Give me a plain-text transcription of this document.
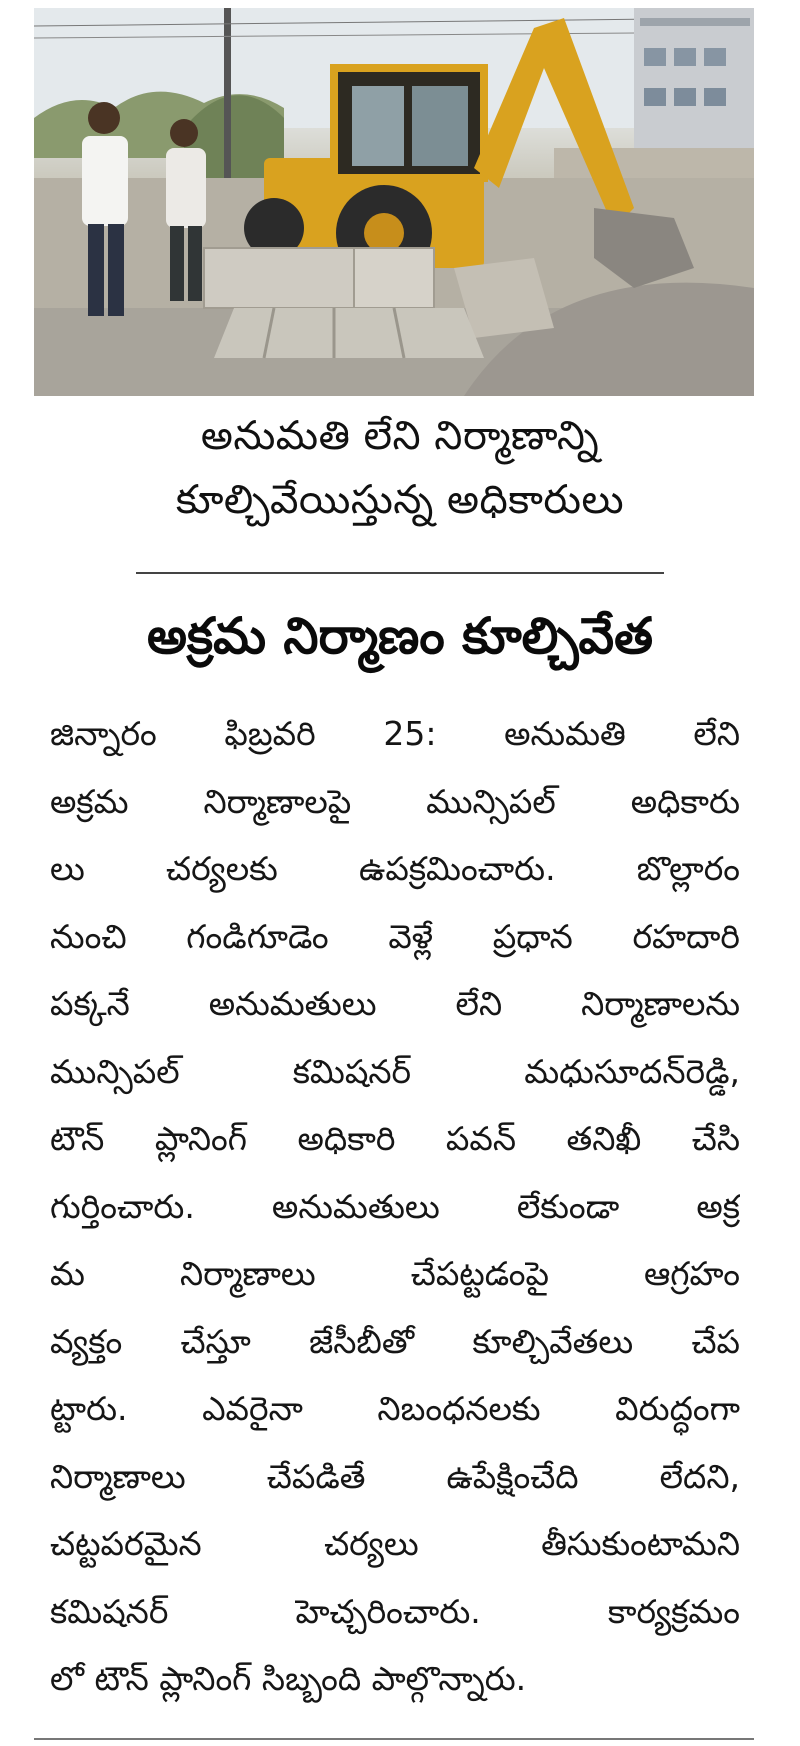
అనుమతి లేని నిర్మాణాన్ని
కూల్చివేయిస్తున్న అధికారులు
అక్రమ నిర్మాణం కూల్చివేత
జిన్నారం ఫిబ్రవరి 25: అనుమతి లేని
అక్రమ నిర్మాణాలపై మున్సిపల్ అధికారు
లు చర్యలకు ఉపక్రమించారు. బొల్లారం
నుంచి గండిగూడెం వెళ్లే ప్రధాన రహదారి
పక్కనే అనుమతులు లేని నిర్మాణాలను
మున్సిపల్ కమిషనర్ మధుసూదన్‌రెడ్డి,
టౌన్ ప్లానింగ్ అధికారి పవన్ తనిఖీ చేసి
గుర్తించారు. అనుమతులు లేకుండా అక్ర
మ నిర్మాణాలు చేపట్టడంపై ఆగ్రహం
వ్యక్తం చేస్తూ జేసీబీతో కూల్చివేతలు చేప
ట్టారు. ఎవరైనా నిబంధనలకు విరుద్ధంగా
నిర్మాణాలు చేపడితే ఉపేక్షించేది లేదని,
చట్టపరమైన చర్యలు తీసుకుంటామని
కమిషనర్ హెచ్చరించారు. కార్యక్రమం
లో టౌన్ ప్లానింగ్ సిబ్బంది పాల్గొన్నారు.
